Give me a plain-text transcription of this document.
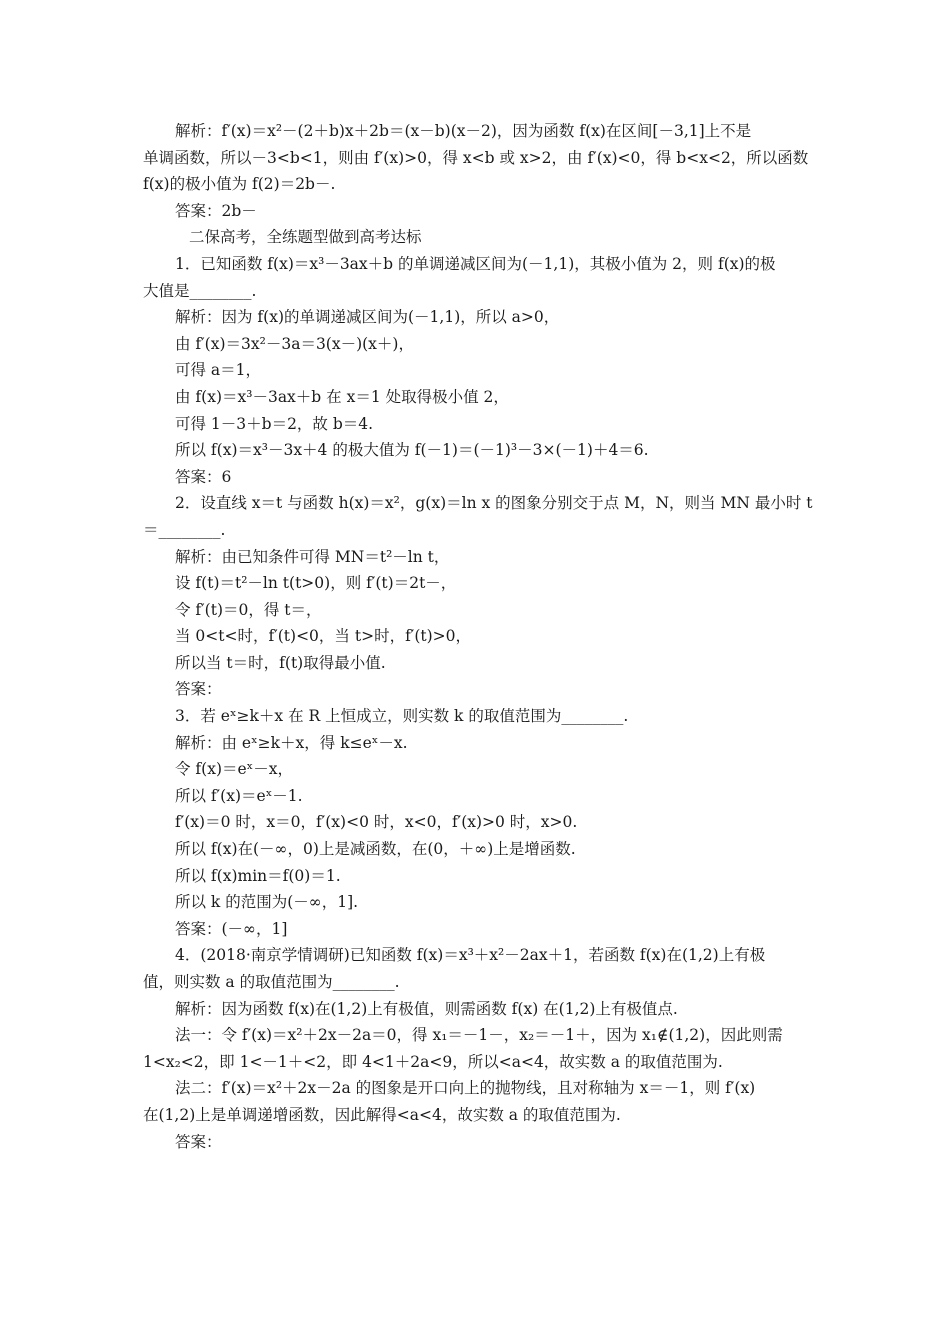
解析：f′(x)＝x²－(2＋b)x＋2b＝(x－b)(x－2)，因为函数 f(x)在区间[－3,1]上不是
单调函数，所以－3<b<1，则由 f′(x)>0，得 x<b 或 x>2，由 f′(x)<0，得 b<x<2，所以函数
f(x)的极小值为 f(2)＝2b－.
答案：2b－
二保高考，全练题型做到高考达标
1．已知函数 f(x)＝x³－3ax＋b 的单调递减区间为(－1,1)，其极小值为 2，则 f(x)的极
大值是________.
解析：因为 f(x)的单调递减区间为(－1,1)，所以 a>0，
由 f′(x)＝3x²－3a＝3(x－)(x＋)，
可得 a＝1，
由 f(x)＝x³－3ax＋b 在 x＝1 处取得极小值 2，
可得 1－3＋b＝2，故 b＝4.
所以 f(x)＝x³－3x＋4 的极大值为 f(－1)＝(－1)³－3×(－1)＋4＝6.
答案：6
2．设直线 x＝t 与函数 h(x)＝x²，g(x)＝ln x 的图象分别交于点 M，N，则当 MN 最小时 t
＝________.
解析：由已知条件可得 MN＝t²－ln t，
设 f(t)＝t²－ln t(t>0)，则 f′(t)＝2t－，
令 f′(t)＝0，得 t＝，
当 0<t<时，f′(t)<0，当 t>时，f′(t)>0，
所以当 t＝时，f(t)取得最小值.
答案：
3．若 eˣ≥k＋x 在 R 上恒成立，则实数 k 的取值范围为________.
解析：由 eˣ≥k＋x，得 k≤eˣ－x.
令 f(x)＝eˣ－x，
所以 f′(x)＝eˣ－1.
f′(x)＝0 时，x＝0，f′(x)<0 时，x<0，f′(x)>0 时，x>0.
所以 f(x)在(－∞，0)上是减函数，在(0，＋∞)上是增函数.
所以 f(x)min＝f(0)＝1.
所以 k 的范围为(－∞，1].
答案：(－∞，1]
4．(2018·南京学情调研)已知函数 f(x)＝x³＋x²－2ax＋1，若函数 f(x)在(1,2)上有极
值，则实数 a 的取值范围为________.
解析：因为函数 f(x)在(1,2)上有极值，则需函数 f(x) 在(1,2)上有极值点.
法一：令 f′(x)＝x²＋2x－2a＝0，得 x₁＝－1－，x₂＝－1＋，因为 x₁∉(1,2)，因此则需
1<x₂<2，即 1<－1＋<2，即 4<1＋2a<9，所以<a<4，故实数 a 的取值范围为.
法二：f′(x)＝x²＋2x－2a 的图象是开口向上的抛物线，且对称轴为 x＝－1，则 f′(x)
在(1,2)上是单调递增函数，因此解得<a<4，故实数 a 的取值范围为.
答案：
